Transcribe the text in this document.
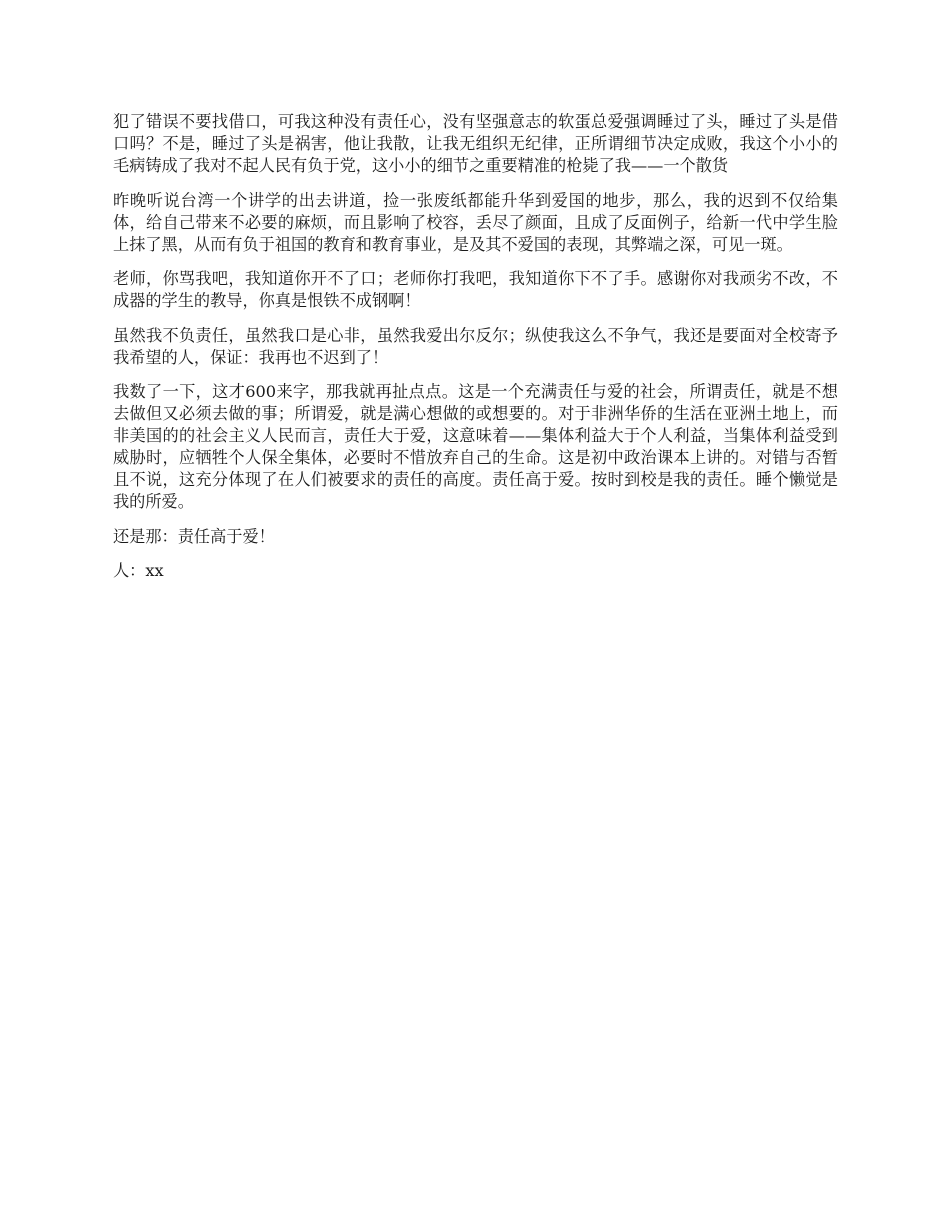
犯了错误不要找借口，可我这种没有责任心，没有坚强意志的软蛋总爱强调睡过了头，睡过了头是借口吗？不是，睡过了头是祸害，他让我散，让我无组织无纪律，正所谓细节决定成败，我这个小小的毛病铸成了我对不起人民有负于党，这小小的细节之重要精准的枪毙了我——一个散货

昨晚听说台湾一个讲学的出去讲道，捡一张废纸都能升华到爱国的地步，那么，我的迟到不仅给集体，给自己带来不必要的麻烦，而且影响了校容，丢尽了颜面，且成了反面例子，给新一代中学生脸上抹了黑，从而有负于祖国的教育和教育事业，是及其不爱国的表现，其弊端之深，可见一斑。

老师，你骂我吧，我知道你开不了口；老师你打我吧，我知道你下不了手。感谢你对我顽劣不改，不成器的学生的教导，你真是恨铁不成钢啊！

虽然我不负责任，虽然我口是心非，虽然我爱出尔反尔；纵使我这么不争气，我还是要面对全校寄予我希望的人，保证：我再也不迟到了！

我数了一下，这才600来字，那我就再扯点点。这是一个充满责任与爱的社会，所谓责任，就是不想去做但又必须去做的事；所谓爱，就是满心想做的或想要的。对于非洲华侨的生活在亚洲土地上，而非美国的的社会主义人民而言，责任大于爱，这意味着——集体利益大于个人利益，当集体利益受到威胁时，应牺牲个人保全集体，必要时不惜放弃自己的生命。这是初中政治课本上讲的。对错与否暂且不说，这充分体现了在人们被要求的责任的高度。责任高于爱。按时到校是我的责任。睡个懒觉是我的所爱。

还是那：责任高于爱！

人：xx
